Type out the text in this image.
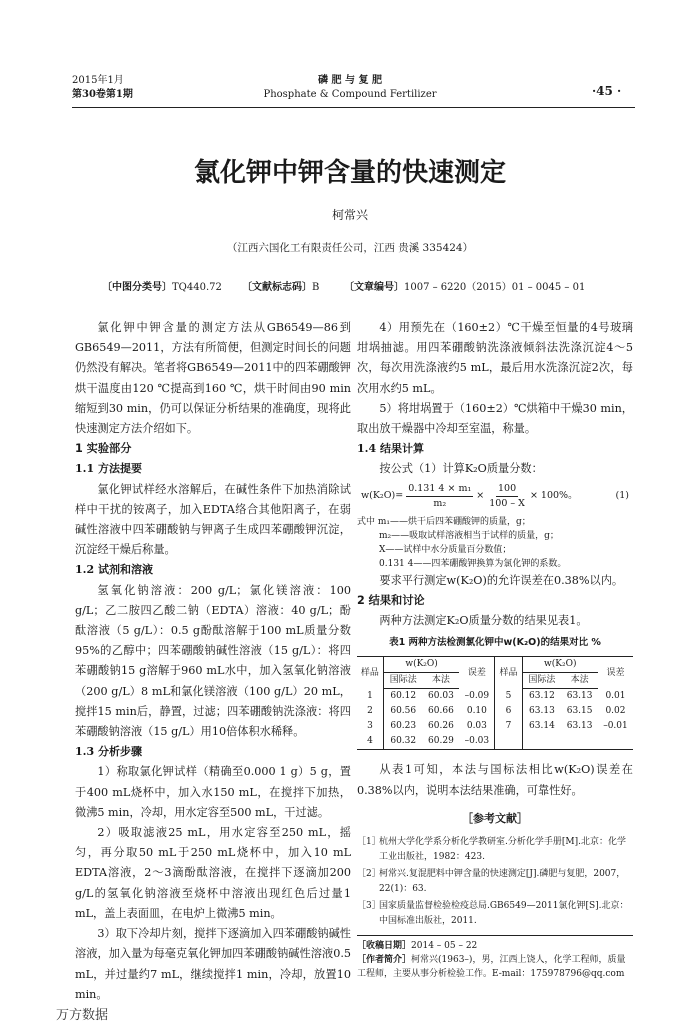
2015年1月
第30卷第1期
磷 肥 与 复 肥
Phosphate & Compound Fertilizer	·45 ·
氯化钾中钾含量的快速测定
柯常兴
（江西六国化工有限责任公司，江西 贵溪 335424）
〔中图分类号〕TQ440.72 〔文献标志码〕B 〔文章编号〕1007 – 6220（2015）01 – 0045 – 01

氯化钾中钾含量的测定方法从GB6549—86到GB6549—2011，方法有所简便，但测定时间长的问题仍然没有解决。笔者将GB6549—2011中的四苯硼酸钾烘干温度由120 ℃提高到160 ℃，烘干时间由90 min缩短到30 min，仍可以保证分析结果的准确度，现将此快速测定方法介绍如下。

1 实验部分
1.1 方法提要

氯化钾试样经水溶解后，在碱性条件下加热消除试样中干扰的铵离子，加入EDTA络合其他阳离子，在弱碱性溶液中四苯硼酸钠与钾离子生成四苯硼酸钾沉淀，沉淀经干燥后称量。

1.2 试剂和溶液

氢氧化钠溶液：200 g/L；氯化镁溶液：100 g/L；乙二胺四乙酸二钠（EDTA）溶液：40 g/L；酚酞溶液（5 g/L）：0.5 g酚酞溶解于100 mL质量分数95%的乙醇中；四苯硼酸钠碱性溶液（15 g/L）：将四苯硼酸钠15 g溶解于960 mL水中，加入氢氧化钠溶液（200 g/L）8 mL和氯化镁溶液（100 g/L）20 mL，搅拌15 min后，静置，过滤；四苯硼酸钠洗涤液：将四苯硼酸钠溶液（15 g/L）用10倍体积水稀释。

1.3 分析步骤

1）称取氯化钾试样（精确至0.000 1 g）5 g，置于400 mL烧杯中，加入水150 mL，在搅拌下加热，微沸5 min，冷却，用水定容至500 mL，干过滤。

2）吸取滤液25 mL，用水定容至250 mL，摇匀，再分取50 mL于250 mL烧杯中，加入10 mL EDTA溶液，2～3滴酚酞溶液，在搅拌下逐滴加200 g/L的氢氧化钠溶液至烧杯中溶液出现红色后过量1 mL，盖上表面皿，在电炉上微沸5 min。

3）取下冷却片刻，搅拌下逐滴加入四苯硼酸钠碱性溶液，加入量为每毫克氧化钾加四苯硼酸钠碱性溶液0.5 mL，并过量约7 mL，继续搅拌1 min，冷却，放置10 min。

4）用预先在（160±2）℃干燥至恒量的4号玻璃坩埚抽滤。用四苯硼酸钠洗涤液倾斜法洗涤沉淀4～5次，每次用洗涤液约5 mL，最后用水洗涤沉淀2次，每次用水约5 mL。

5）将坩埚置于（160±2）℃烘箱中干燥30 min，取出放干燥器中冷却至室温，称量。

1.4 结果计算

按公式（1）计算K₂O质量分数：

$w(K_2O)= \frac{\text{0.131 4 × m₁}}{\text{m₂}} \times \frac{100}{100 - X} \times 100\%$。	(1)
式中 m₁——烘干后四苯硼酸钾的质量，g；
m₂——吸取试样溶液相当于试样的质量，g；
X——试样中水分质量百分数值；
0.131 4——四苯硼酸钾换算为氯化钾的系数。

要求平行测定w(K₂O)的允许误差在0.38%以内。

2 结果和讨论

两种方法测定K₂O质量分数的结果见表1。

表1 两种方法检测氯化钾中w(K₂O)的结果对比 %
样品	w(K₂O)		误差	样品	w(K₂O)		误差
	国际法	本法			国际法	本法	
1	60.12	60.03	–0.09	5	63.12	63.13	0.01
2	60.56	60.66	0.10	6	63.13	63.15	0.02
3	60.23	60.26	0.03	7	63.14	63.13	–0.01
4	60.32	60.29	–0.03				

从表1可知，本法与国标法相比w(K₂O)误差在0.38%以内，说明本法结果准确，可靠性好。

［参考文献］
［1］
杭州大学化学系分析化学教研室.分析化学手册[M].北京：化学工业出版社，1982：423.
［2］
柯常兴.复混肥料中钾含量的快速测定[J].磷肥与复肥，2007，22(1)：63.
［3］
国家质量监督检验检疫总局.GB6549—2011氯化钾[S].北京：中国标准出版社，2011.
［收稿日期］2014 – 05 – 22
［作者简介］柯常兴(1963–)，男，江西上饶人，化学工程师，质量工程师，主要从事分析检验工作。E-mail：175978796@qq.com
万方数据
